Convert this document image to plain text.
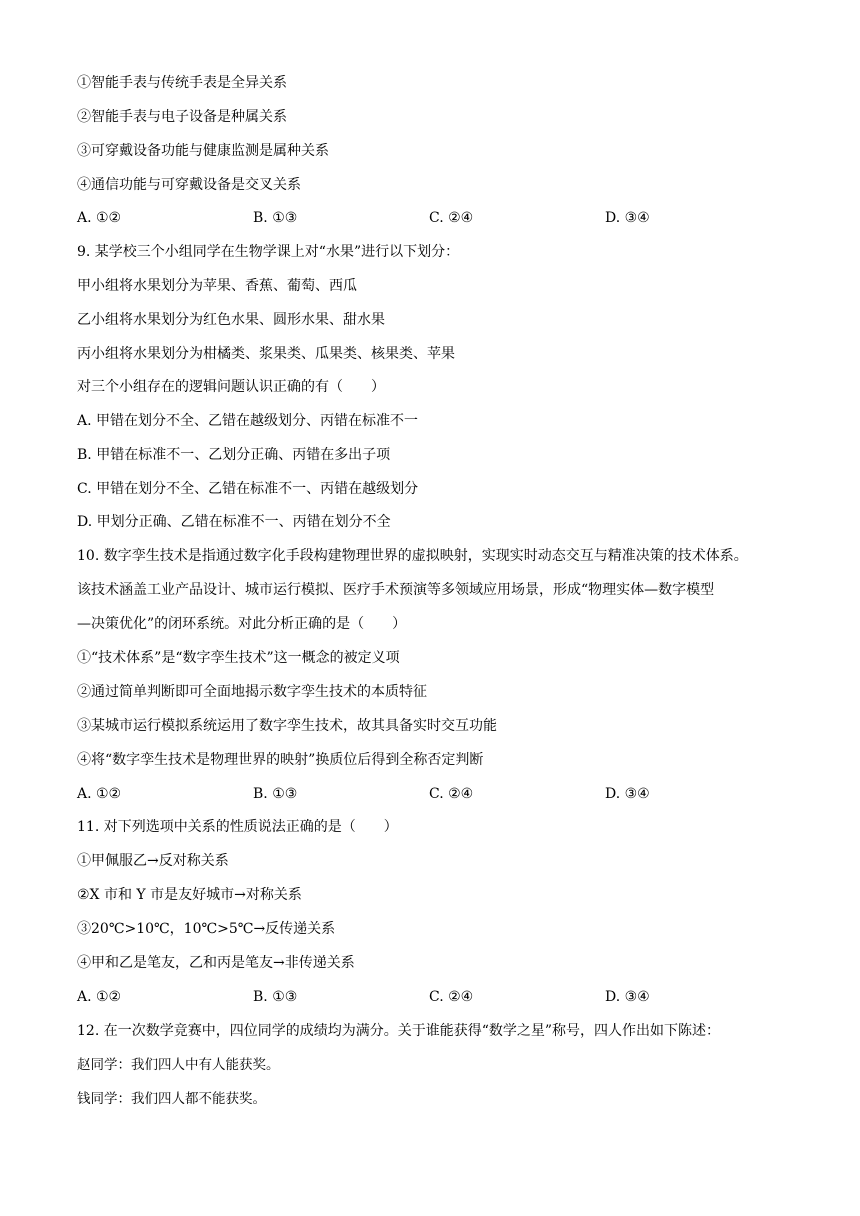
①智能手表与传统手表是全异关系
②智能手表与电子设备是种属关系
③可穿戴设备功能与健康监测是属种关系
④通信功能与可穿戴设备是交叉关系
A. ①②	B. ①③	C. ②④	D. ③④
9. 某学校三个小组同学在生物学课上对“水果”进行以下划分：
甲小组将水果划分为苹果、香蕉、葡萄、西瓜
乙小组将水果划分为红色水果、圆形水果、甜水果
丙小组将水果划分为柑橘类、浆果类、瓜果类、核果类、苹果
对三个小组存在的逻辑问题认识正确的有（　　）
A. 甲错在划分不全、乙错在越级划分、丙错在标准不一
B. 甲错在标准不一、乙划分正确、丙错在多出子项
C. 甲错在划分不全、乙错在标准不一、丙错在越级划分
D. 甲划分正确、乙错在标准不一、丙错在划分不全
10. 数字孪生技术是指通过数字化手段构建物理世界的虚拟映射，实现实时动态交互与精准决策的技术体系。
该技术涵盖工业产品设计、城市运行模拟、医疗手术预演等多领域应用场景，形成“物理实体—数字模型
—决策优化”的闭环系统。对此分析正确的是（　　）
①“技术体系”是“数字孪生技术”这一概念的被定义项
②通过简单判断即可全面地揭示数字孪生技术的本质特征
③某城市运行模拟系统运用了数字孪生技术，故其具备实时交互功能
④将“数字孪生技术是物理世界的映射”换质位后得到全称否定判断
A. ①②	B. ①③	C. ②④	D. ③④
11. 对下列选项中关系的性质说法正确的是（　　）
①甲佩服乙→反对称关系
②X 市和 Y 市是友好城市→对称关系
③20℃>10℃，10℃>5℃→反传递关系
④甲和乙是笔友，乙和丙是笔友→非传递关系
A. ①②	B. ①③	C. ②④	D. ③④
12. 在一次数学竞赛中，四位同学的成绩均为满分。关于谁能获得“数学之星”称号，四人作出如下陈述：
赵同学：我们四人中有人能获奖。
钱同学：我们四人都不能获奖。
